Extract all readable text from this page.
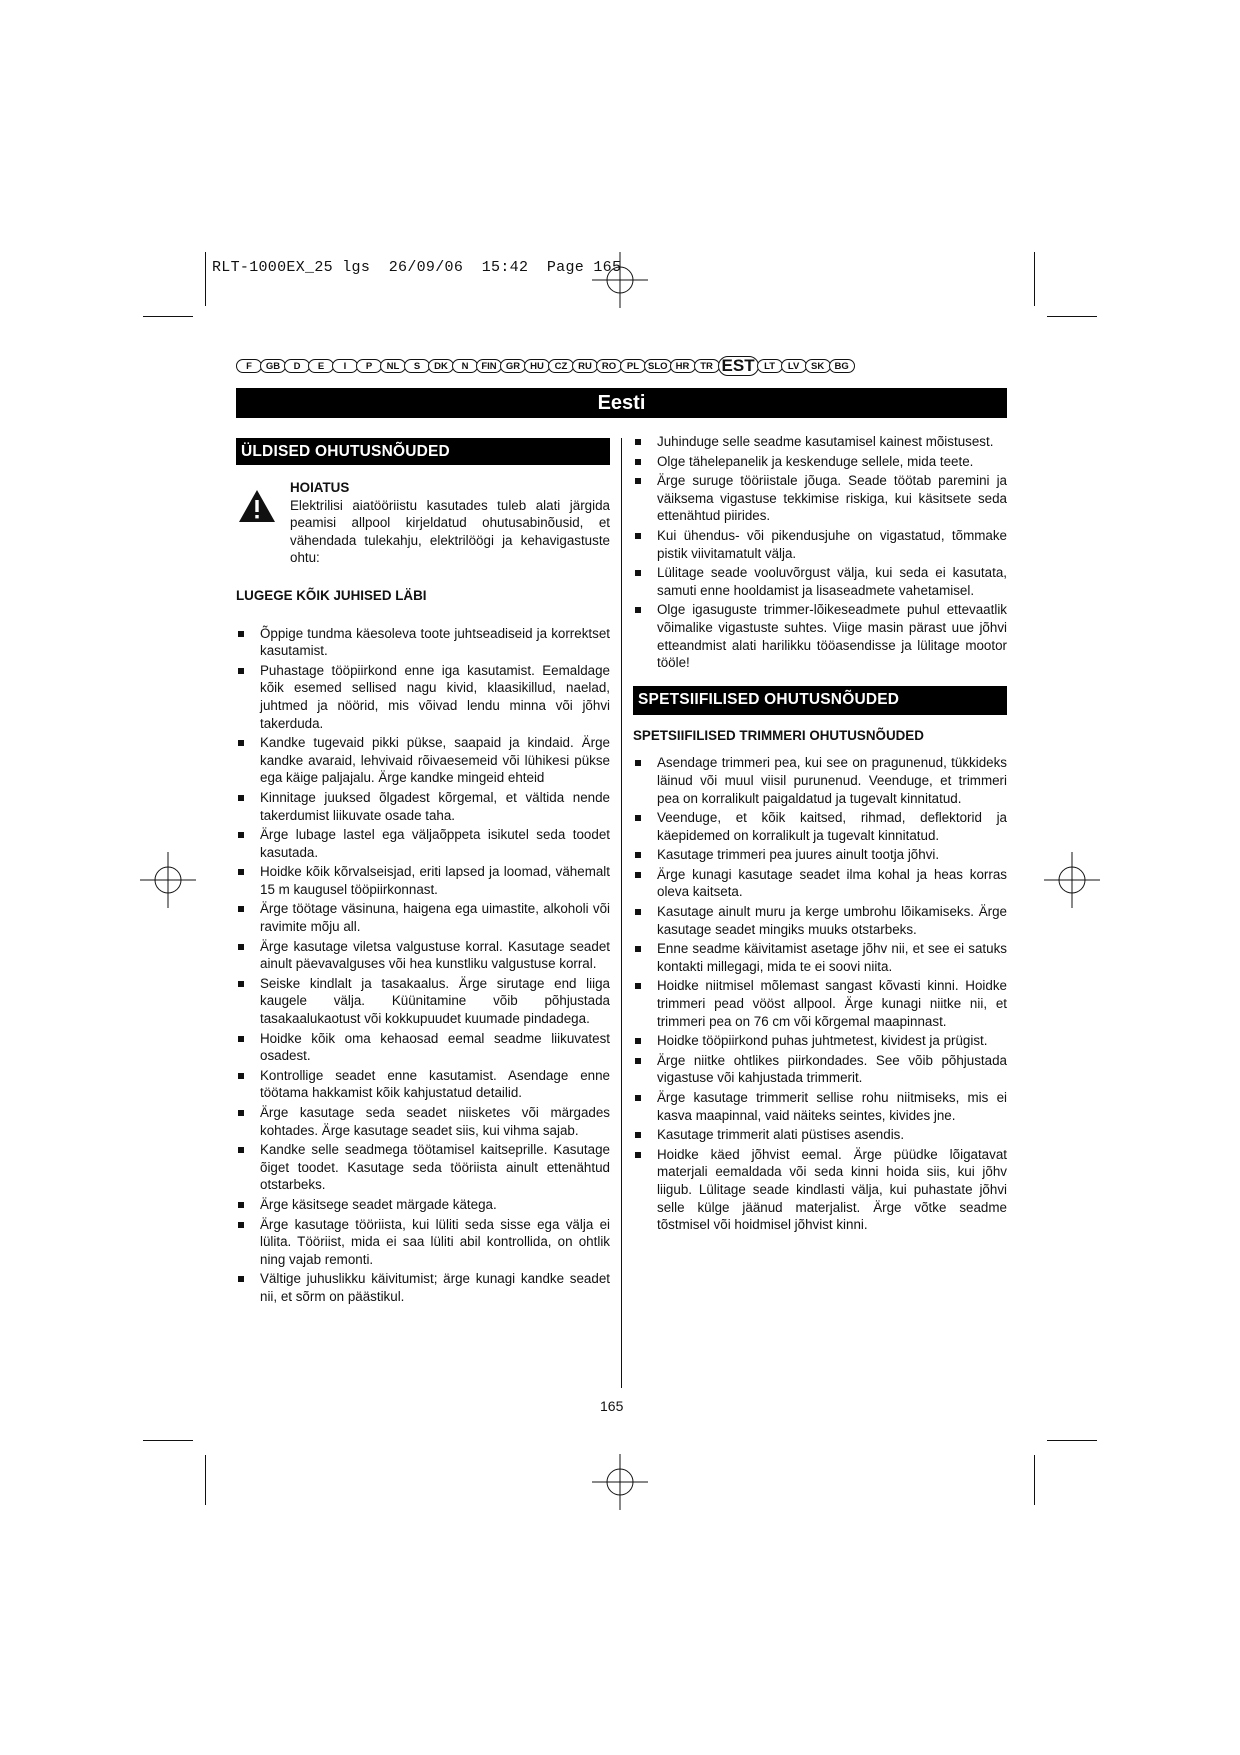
RLT-1000EX_25 lgs  26/09/06  15:42  Page 165
F	GB	D	E	I	P	NL	S	DK	N	FIN GR	HU	CZ	RU	RO	PL SLO HR	TR EST	LT	LV	SK	BG
Eesti
ÜLDISED OHUTUSNÕUDED
HOIATUS
Elektrilisi aiatööriistu kasutades tuleb alati järgida peamisi allpool kirjeldatud ohutusabinõusid, et vähendada tulekahju, elektrilöögi ja kehavigastuste ohtu:
LUGEGE KÕIK JUHISED LÄBI
Õppige tundma käesoleva toote juhtseadiseid ja korrektset kasutamist.
Puhastage tööpiirkond enne iga kasutamist. Eemaldage kõik esemed sellised nagu kivid, klaasikillud, naelad, juhtmed ja nöörid, mis võivad lendu minna või jõhvi takerduda.
Kandke tugevaid pikki pükse, saapaid ja kindaid. Ärge kandke avaraid, lehvivaid rõivaesemeid või lühikesi pükse ega käige paljajalu. Ärge kandke mingeid ehteid
Kinnitage juuksed õlgadest kõrgemal, et vältida nende takerdumist liikuvate osade taha.
Ärge lubage lastel ega väljaõppeta isikutel seda toodet kasutada.
Hoidke kõik kõrvalseisjad, eriti lapsed ja loomad, vähemalt 15 m kaugusel tööpiirkonnast.
Ärge töötage väsinuna, haigena ega uimastite, alkoholi või ravimite mõju all.
Ärge kasutage viletsa valgustuse korral. Kasutage seadet ainult päevavalguses või hea kunstliku valgustuse korral.
Seiske kindlalt ja tasakaalus. Ärge sirutage end liiga kaugele välja. Küünitamine võib põhjustada tasakaalukaotust või kokkupuudet kuumade pindadega.
Hoidke kõik oma kehaosad eemal seadme liikuvatest osadest.
Kontrollige seadet enne kasutamist. Asendage enne töötama hakkamist kõik kahjustatud detailid.
Ärge kasutage seda seadet niisketes või märgades kohtades. Ärge kasutage seadet siis, kui vihma sajab.
Kandke selle seadmega töötamisel kaitseprille. Kasutage õiget toodet. Kasutage seda tööriista ainult ettenähtud otstarbeks.
Ärge käsitsege seadet märgade kätega.
Ärge kasutage tööriista, kui lüliti seda sisse ega välja ei lülita. Tööriist, mida ei saa lüliti abil kontrollida, on ohtlik ning vajab remonti.
Vältige juhuslikku käivitumist; ärge kunagi kandke seadet nii, et sõrm on päästikul.
Juhinduge selle seadme kasutamisel kainest mõistusest.
Olge tähelepanelik ja keskenduge sellele, mida teete.
Ärge suruge tööriistale jõuga. Seade töötab paremini ja väiksema vigastuse tekkimise riskiga, kui käsitsete seda ettenähtud piirides.
Kui ühendus- või pikendusjuhe on vigastatud, tõmmake pistik viivitamatult välja.
Lülitage seade vooluvõrgust välja, kui seda ei kasutata, samuti enne hooldamist ja lisaseadmete vahetamisel.
Olge igasuguste trimmer-lõikeseadmete puhul ettevaatlik võimalike vigastuste suhtes. Viige masin pärast uue jõhvi etteandmist alati harilikku tööasendisse ja lülitage mootor tööle!
SPETSIIFILISED OHUTUSNÕUDED
SPETSIIFILISED TRIMMERI OHUTUSNÕUDED
Asendage trimmeri pea, kui see on pragunenud, tükkideks läinud või muul viisil purunenud. Veenduge, et trimmeri pea on korralikult paigaldatud ja tugevalt kinnitatud.
Veenduge, et kõik kaitsed, rihmad, deflektorid ja käepidemed on korralikult ja tugevalt kinnitatud.
Kasutage trimmeri pea juures ainult tootja jõhvi.
Ärge kunagi kasutage seadet ilma kohal ja heas korras oleva kaitseta.
Kasutage ainult muru ja kerge umbrohu lõikamiseks. Ärge kasutage seadet mingiks muuks otstarbeks.
Enne seadme käivitamist asetage jõhv nii, et see ei satuks kontakti millegagi, mida te ei soovi niita.
Hoidke niitmisel mõlemast sangast kõvasti kinni. Hoidke trimmeri pead vööst allpool. Ärge kunagi niitke nii, et trimmeri pea on 76 cm või kõrgemal maapinnast.
Hoidke tööpiirkond puhas juhtmetest, kividest ja prügist.
Ärge niitke ohtlikes piirkondades. See võib põhjustada vigastuse või kahjustada trimmerit.
Ärge kasutage trimmerit sellise rohu niitmiseks, mis ei kasva maapinnal, vaid näiteks seintes, kivides jne.
Kasutage trimmerit alati püstises asendis.
Hoidke käed jõhvist eemal. Ärge püüdke lõigatavat materjali eemaldada või seda kinni hoida siis, kui jõhv liigub. Lülitage seade kindlasti välja, kui puhastate jõhvi selle külge jäänud materjalist. Ärge võtke seadme tõstmisel või hoidmisel jõhvist kinni.
165
